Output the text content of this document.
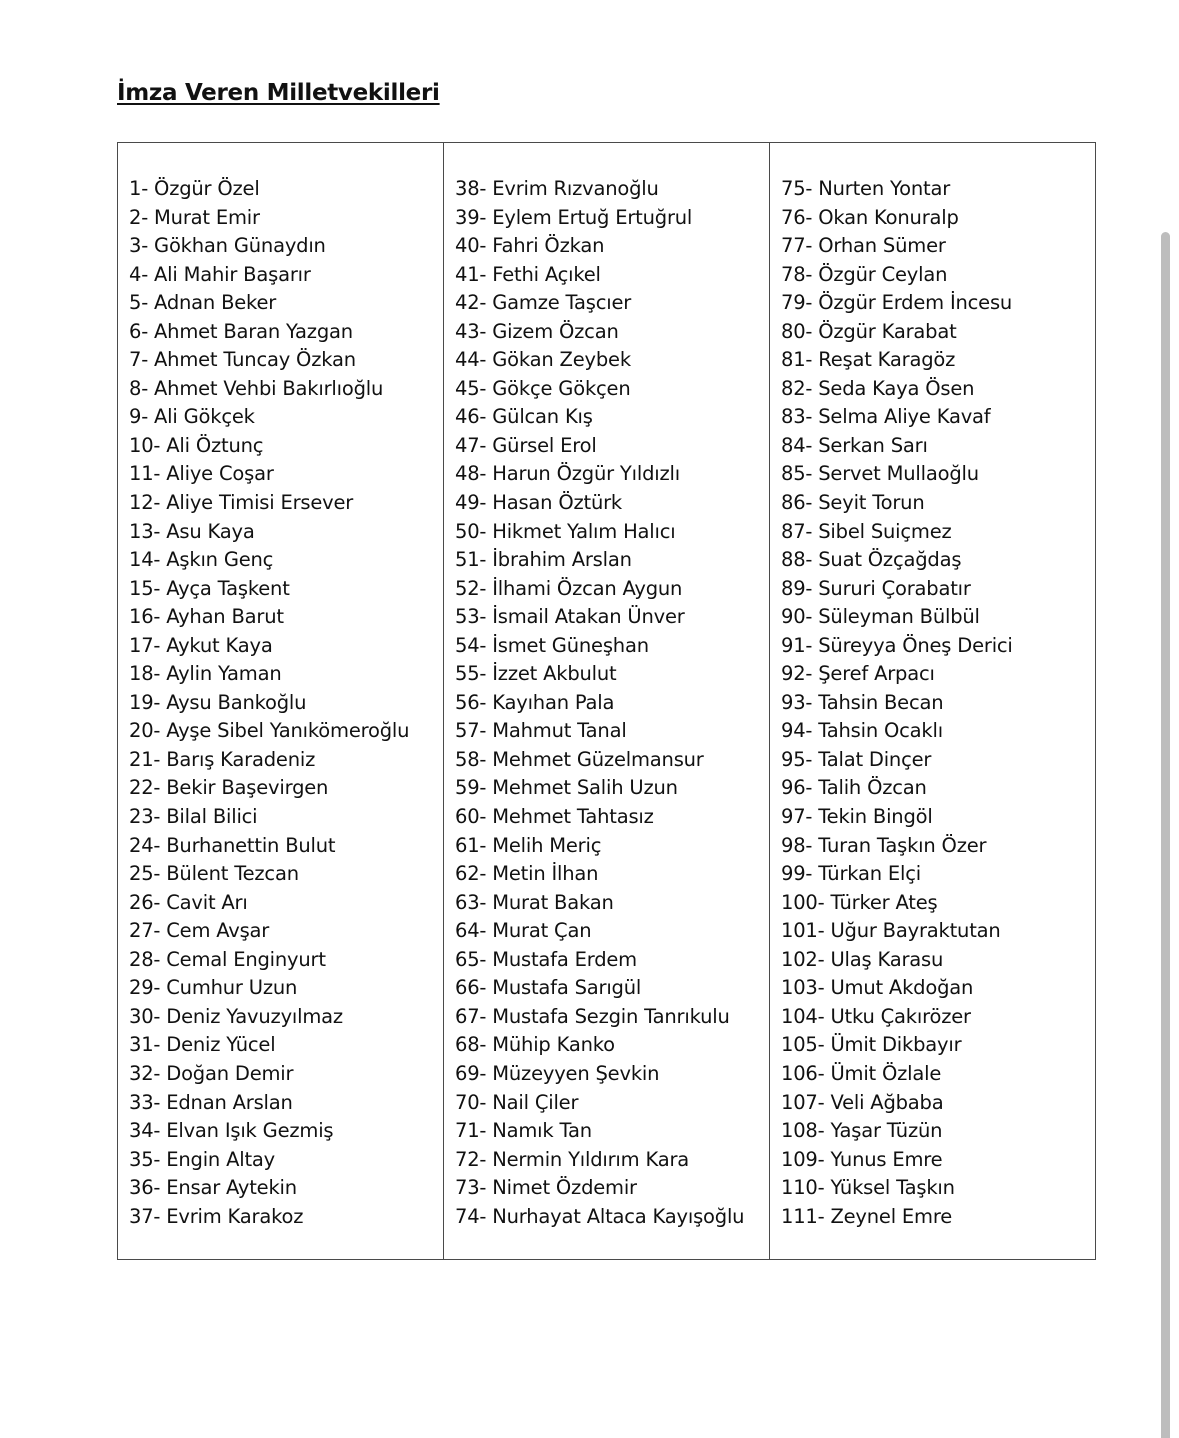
İmza Veren Milletvekilleri
1- Özgür Özel
2- Murat Emir
3- Gökhan Günaydın
4- Ali Mahir Başarır
5- Adnan Beker
6- Ahmet Baran Yazgan
7- Ahmet Tuncay Özkan
8- Ahmet Vehbi Bakırlıoğlu
9- Ali Gökçek
10- Ali Öztunç
11- Aliye Coşar
12- Aliye Timisi Ersever
13- Asu Kaya
14- Aşkın Genç
15- Ayça Taşkent
16- Ayhan Barut
17- Aykut Kaya
18- Aylin Yaman
19- Aysu Bankoğlu
20- Ayşe Sibel Yanıkömeroğlu
21- Barış Karadeniz
22- Bekir Başevirgen
23- Bilal Bilici
24- Burhanettin Bulut
25- Bülent Tezcan
26- Cavit Arı
27- Cem Avşar
28- Cemal Enginyurt
29- Cumhur Uzun
30- Deniz Yavuzyılmaz
31- Deniz Yücel
32- Doğan Demir
33- Ednan Arslan
34- Elvan Işık Gezmiş
35- Engin Altay
36- Ensar Aytekin
37- Evrim Karakoz
38- Evrim Rızvanoğlu
39- Eylem Ertuğ Ertuğrul
40- Fahri Özkan
41- Fethi Açıkel
42- Gamze Taşcıer
43- Gizem Özcan
44- Gökan Zeybek
45- Gökçe Gökçen
46- Gülcan Kış
47- Gürsel Erol
48- Harun Özgür Yıldızlı
49- Hasan Öztürk
50- Hikmet Yalım Halıcı
51- İbrahim Arslan
52- İlhami Özcan Aygun
53- İsmail Atakan Ünver
54- İsmet Güneşhan
55- İzzet Akbulut
56- Kayıhan Pala
57- Mahmut Tanal
58- Mehmet Güzelmansur
59- Mehmet Salih Uzun
60- Mehmet Tahtasız
61- Melih Meriç
62- Metin İlhan
63- Murat Bakan
64- Murat Çan
65- Mustafa Erdem
66- Mustafa Sarıgül
67- Mustafa Sezgin Tanrıkulu
68- Mühip Kanko
69- Müzeyyen Şevkin
70- Nail Çiler
71- Namık Tan
72- Nermin Yıldırım Kara
73- Nimet Özdemir
74- Nurhayat Altaca Kayışoğlu
75- Nurten Yontar
76- Okan Konuralp
77- Orhan Sümer
78- Özgür Ceylan
79- Özgür Erdem İncesu
80- Özgür Karabat
81- Reşat Karagöz
82- Seda Kaya Ösen
83- Selma Aliye Kavaf
84- Serkan Sarı
85- Servet Mullaoğlu
86- Seyit Torun
87- Sibel Suiçmez
88- Suat Özçağdaş
89- Sururi Çorabatır
90- Süleyman Bülbül
91- Süreyya Öneş Derici
92- Şeref Arpacı
93- Tahsin Becan
94- Tahsin Ocaklı
95- Talat Dinçer
96- Talih Özcan
97- Tekin Bingöl
98- Turan Taşkın Özer
99- Türkan Elçi
100- Türker Ateş
101- Uğur Bayraktutan
102- Ulaş Karasu
103- Umut Akdoğan
104- Utku Çakırözer
105- Ümit Dikbayır
106- Ümit Özlale
107- Veli Ağbaba
108- Yaşar Tüzün
109- Yunus Emre
110- Yüksel Taşkın
111- Zeynel Emre
